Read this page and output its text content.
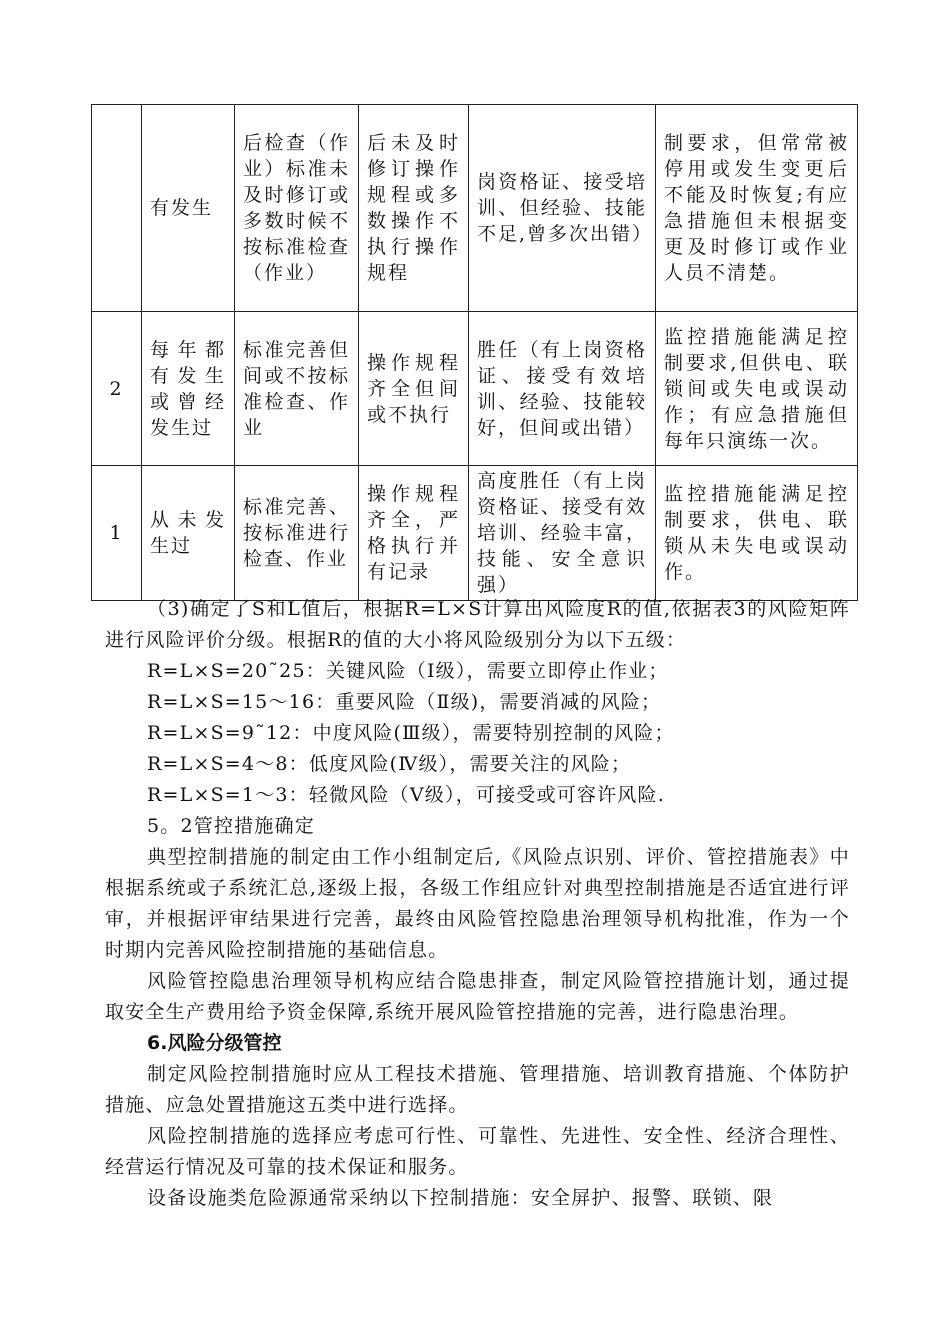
	有发生	后检查（作业）标准未及时修订或多数时候不按标准检查（作业）	后未及时修订操作规程或多数操作不执行操作规程	岗资格证、接受培训、但经验、技能不足,曾多次出错）	制要求，但常常被停用或发生变更后不能及时恢复;有应急措施但未根据变更及时修订或作业人员不清楚。
2	每年都有发生或曾经发生过	标准完善但间或不按标准检查、作业	操作规程齐全但间或不执行	胜任（有上岗资格证、接受有效培训、经验、技能较好，但间或出错）	监控措施能满足控制要求,但供电、联锁间或失电或误动作；有应急措施但每年只演练一次。
1	从未发生过	标准完善、按标准进行检查、作业	操作规程齐全，严格执行并有记录	高度胜任（有上岗资格证、接受有效培训、经验丰富，技能、安全意识强）	监控措施能满足控制要求，供电、联锁从未失电或误动作。

（3)确定了S和L值后，根据R=L×S计算出风险度R的值,依据表3的风险矩阵进行风险评价分级。根据R的值的大小将风险级别分为以下五级：

R=L×S=20˜25：关键风险（Ⅰ级），需要立即停止作业；

R=L×S=15～16：重要风险（Ⅱ级)，需要消减的风险；

R=L×S=9˜12：中度风险(Ⅲ级），需要特别控制的风险；

R=L×S=4～8：低度风险(Ⅳ级），需要关注的风险；

R=L×S=1～3：轻微风险（Ⅴ级），可接受或可容许风险.

5。2管控措施确定

典型控制措施的制定由工作小组制定后,《风险点识别、评价、管控措施表》中根据系统或子系统汇总,逐级上报，各级工作组应针对典型控制措施是否适宜进行评审，并根据评审结果进行完善，最终由风险管控隐患治理领导机构批准，作为一个时期内完善风险控制措施的基础信息。

风险管控隐患治理领导机构应结合隐患排查，制定风险管控措施计划，通过提取安全生产费用给予资金保障,系统开展风险管控措施的完善，进行隐患治理。

6.风险分级管控

制定风险控制措施时应从工程技术措施、管理措施、培训教育措施、个体防护措施、应急处置措施这五类中进行选择。

风险控制措施的选择应考虑可行性、可靠性、先进性、安全性、经济合理性、经营运行情况及可靠的技术保证和服务。

设备设施类危险源通常采纳以下控制措施：安全屏护、报警、联锁、限
